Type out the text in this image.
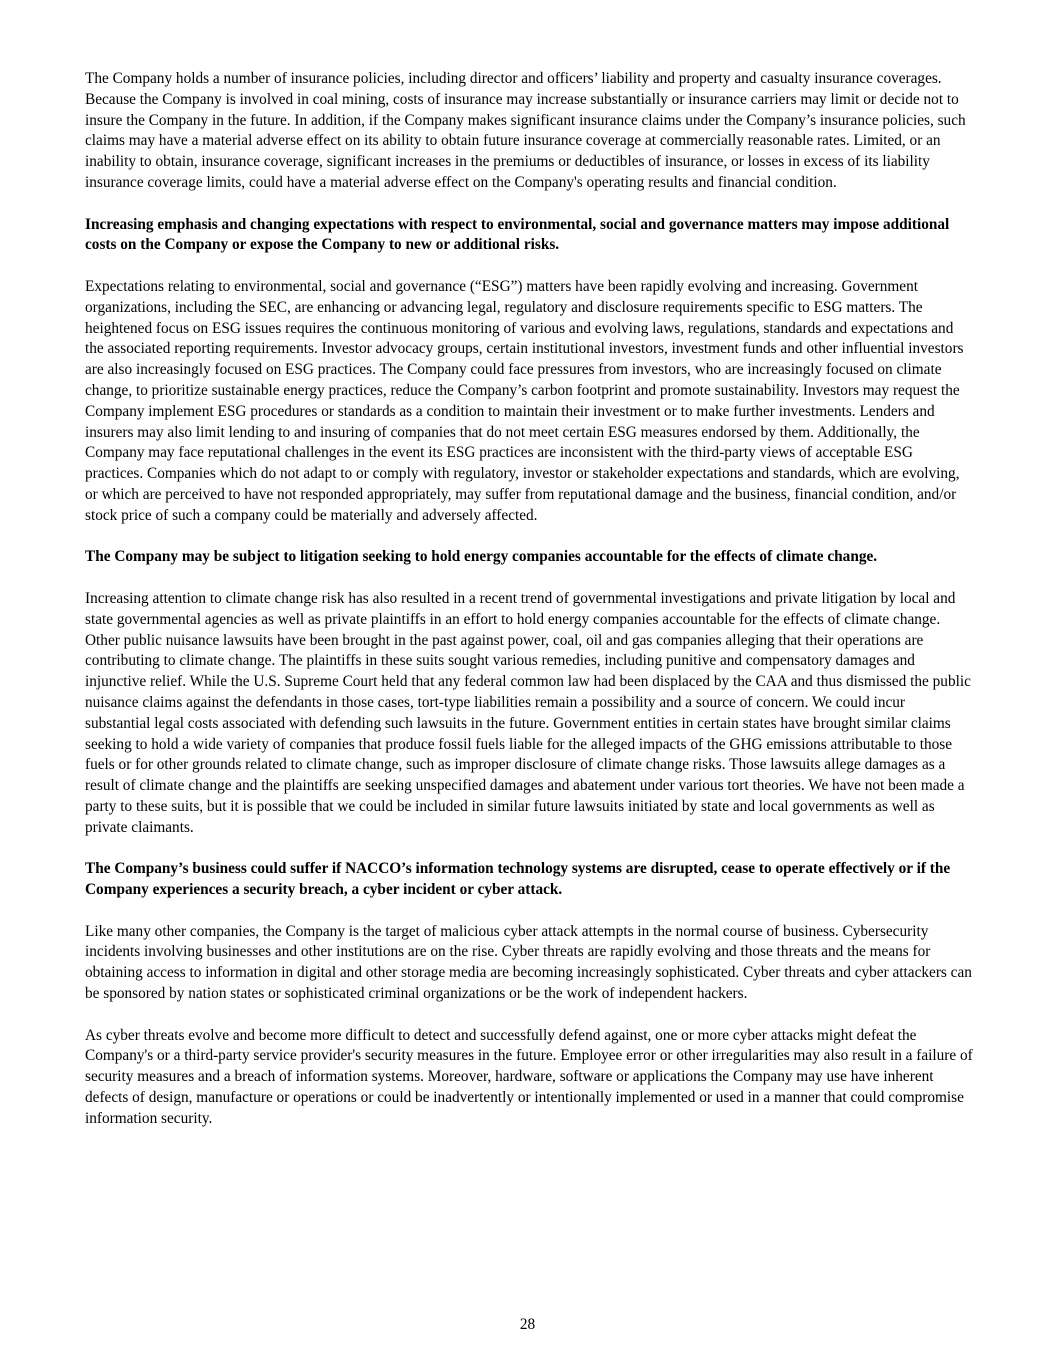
The Company holds a number of insurance policies, including director and officers’ liability and property and casualty insurance coverages. Because the Company is involved in coal mining, costs of insurance may increase substantially or insurance carriers may limit or decide not to insure the Company in the future. In addition, if the Company makes significant insurance claims under the Company’s insurance policies, such claims may have a material adverse effect on its ability to obtain future insurance coverage at commercially reasonable rates. Limited, or an inability to obtain, insurance coverage, significant increases in the premiums or deductibles of insurance, or losses in excess of its liability insurance coverage limits, could have a material adverse effect on the Company's operating results and financial condition.

Increasing emphasis and changing expectations with respect to environmental, social and governance matters may impose additional costs on the Company or expose the Company to new or additional risks.

Expectations relating to environmental, social and governance (“ESG”) matters have been rapidly evolving and increasing. Government organizations, including the SEC, are enhancing or advancing legal, regulatory and disclosure requirements specific to ESG matters. The heightened focus on ESG issues requires the continuous monitoring of various and evolving laws, regulations, standards and expectations and the associated reporting requirements. Investor advocacy groups, certain institutional investors, investment funds and other influential investors are also increasingly focused on ESG practices. The Company could face pressures from investors, who are increasingly focused on climate change, to prioritize sustainable energy practices, reduce the Company’s carbon footprint and promote sustainability. Investors may request the Company implement ESG procedures or standards as a condition to maintain their investment or to make further investments. Lenders and insurers may also limit lending to and insuring of companies that do not meet certain ESG measures endorsed by them. Additionally, the Company may face reputational challenges in the event its ESG practices are inconsistent with the third-party views of acceptable ESG practices. Companies which do not adapt to or comply with regulatory, investor or stakeholder expectations and standards, which are evolving, or which are perceived to have not responded appropriately, may suffer from reputational damage and the business, financial condition, and/or stock price of such a company could be materially and adversely affected.

The Company may be subject to litigation seeking to hold energy companies accountable for the effects of climate change.

Increasing attention to climate change risk has also resulted in a recent trend of governmental investigations and private litigation by local and state governmental agencies as well as private plaintiffs in an effort to hold energy companies accountable for the effects of climate change. Other public nuisance lawsuits have been brought in the past against power, coal, oil and gas companies alleging that their operations are contributing to climate change. The plaintiffs in these suits sought various remedies, including punitive and compensatory damages and injunctive relief. While the U.S. Supreme Court held that any federal common law had been displaced by the CAA and thus dismissed the public nuisance claims against the defendants in those cases, tort-type liabilities remain a possibility and a source of concern. We could incur substantial legal costs associated with defending such lawsuits in the future. Government entities in certain states have brought similar claims seeking to hold a wide variety of companies that produce fossil fuels liable for the alleged impacts of the GHG emissions attributable to those fuels or for other grounds related to climate change, such as improper disclosure of climate change risks. Those lawsuits allege damages as a result of climate change and the plaintiffs are seeking unspecified damages and abatement under various tort theories. We have not been made a party to these suits, but it is possible that we could be included in similar future lawsuits initiated by state and local governments as well as private claimants.

The Company’s business could suffer if NACCO’s information technology systems are disrupted, cease to operate effectively or if the Company experiences a security breach, a cyber incident or cyber attack.

Like many other companies, the Company is the target of malicious cyber attack attempts in the normal course of business. Cybersecurity incidents involving businesses and other institutions are on the rise. Cyber threats are rapidly evolving and those threats and the means for obtaining access to information in digital and other storage media are becoming increasingly sophisticated. Cyber threats and cyber attackers can be sponsored by nation states or sophisticated criminal organizations or be the work of independent hackers.

As cyber threats evolve and become more difficult to detect and successfully defend against, one or more cyber attacks might defeat the Company's or a third-party service provider's security measures in the future. Employee error or other irregularities may also result in a failure of security measures and a breach of information systems. Moreover, hardware, software or applications the Company may use have inherent defects of design, manufacture or operations or could be inadvertently or intentionally implemented or used in a manner that could compromise information security.

28
